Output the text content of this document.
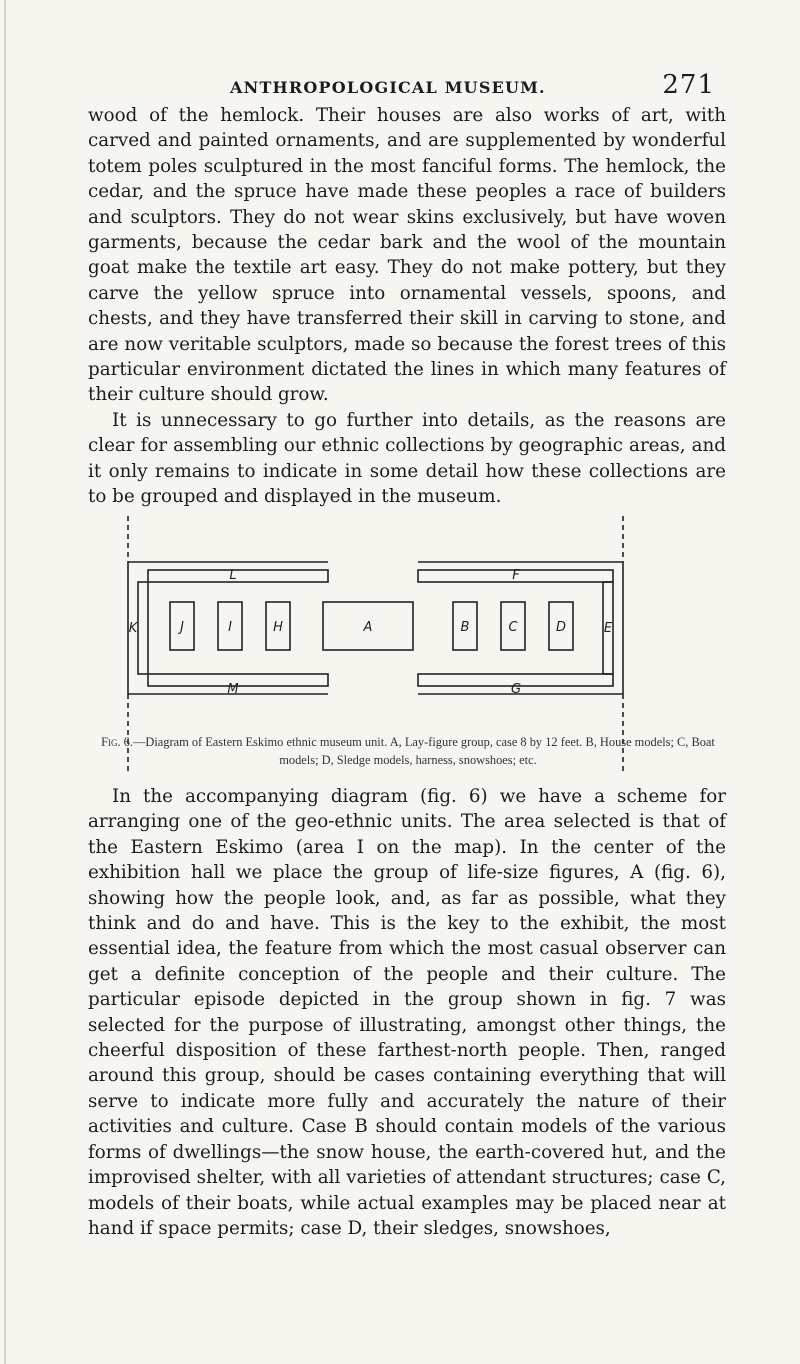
ANTHROPOLOGICAL MUSEUM.	271

wood of the hemlock. Their houses are also works of art, with carved and painted ornaments, and are supplemented by wonderful totem poles sculptured in the most fanciful forms. The hemlock, the cedar, and the spruce have made these peoples a race of builders and sculptors. They do not wear skins exclusively, but have woven garments, because the cedar bark and the wool of the mountain goat make the textile art easy. They do not make pottery, but they carve the yellow spruce into ornamental vessels, spoons, and chests, and they have transferred their skill in carving to stone, and are now veritable sculptors, made so because the forest trees of this particular environment dictated the lines in which many features of their culture should grow.

It is unnecessary to go further into details, as the reasons are clear for assembling our ethnic collections by geographic areas, and it only remains to indicate in some detail how these collections are to be grouped and displayed in the museum.

L	F
K	J	I	H	A	B	C	D	E
M	G
Fig. 6.—Diagram of Eastern Eskimo ethnic museum unit. A, Lay-figure group, case 8 by 12 feet. B, House models; C, Boat models; D, Sledge models, harness, snowshoes; etc.

In the accompanying diagram (fig. 6) we have a scheme for arranging one of the geo-ethnic units. The area selected is that of the Eastern Eskimo (area I on the map). In the center of the exhibition hall we place the group of life-size figures, A (fig. 6), showing how the people look, and, as far as possible, what they think and do and have. This is the key to the exhibit, the most essential idea, the feature from which the most casual observer can get a definite conception of the people and their culture. The particular episode depicted in the group shown in fig. 7 was selected for the purpose of illustrating, amongst other things, the cheerful disposition of these farthest-north people. Then, ranged around this group, should be cases containing everything that will serve to indicate more fully and accurately the nature of their activities and culture. Case B should contain models of the various forms of dwellings—the snow house, the earth-covered hut, and the improvised shelter, with all varieties of attendant structures; case C, models of their boats, while actual examples may be placed near at hand if space permits; case D, their sledges, snowshoes,
